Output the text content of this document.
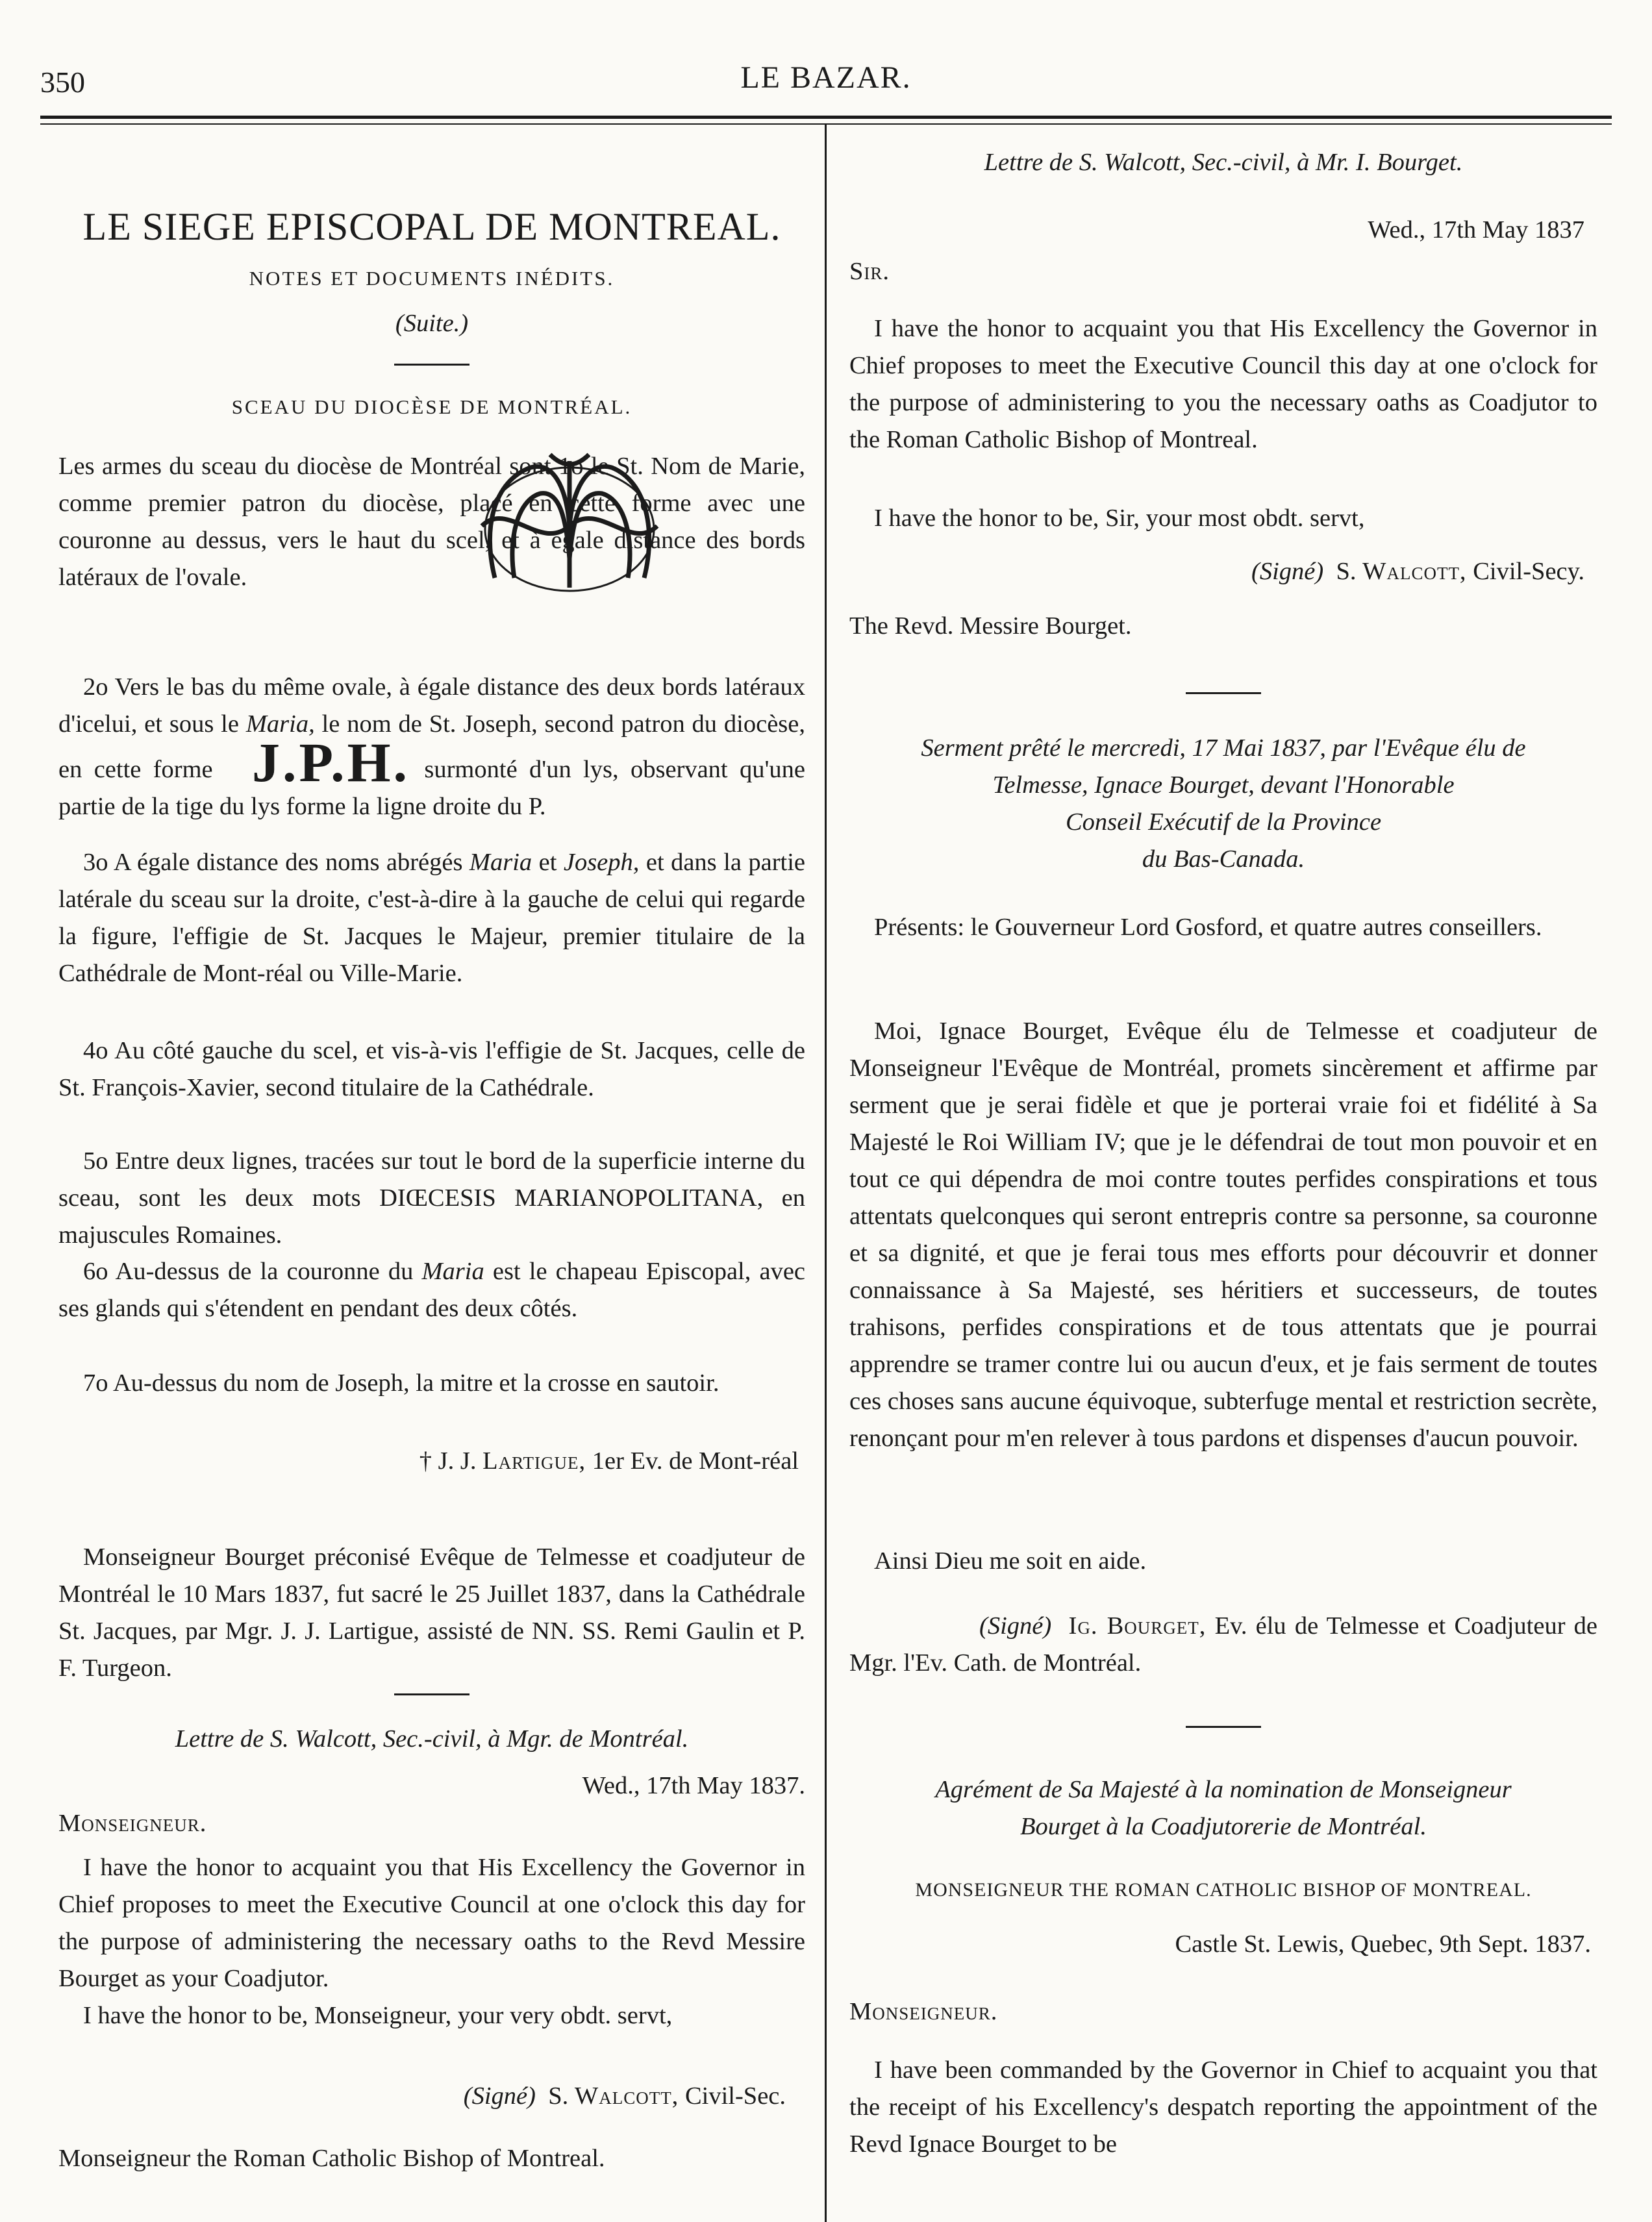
350	LE BAZAR.
LE SIEGE EPISCOPAL DE MONTREAL.
NOTES ET DOCUMENTS INÉDITS.
(Suite.)
SCEAU DU DIOCÈSE DE MONTRÉAL.

Les armes du sceau du diocèse de Montréal sont 1o le St. Nom de Marie, comme premier patron du diocèse, placé en cette forme avec une couronne au dessus, vers le haut du scel, et à égale distance des bords latéraux de l'ovale.

2o Vers le bas du même ovale, à égale distance des deux bords latéraux d'icelui, et sous le Maria, le nom de St. Joseph, second patron du diocèse, en cette forme J.P.H. surmonté d'un lys, observant qu'une partie de la tige du lys forme la ligne droite du P.

3o A égale distance des noms abrégés Maria et Joseph, et dans la partie latérale du sceau sur la droite, c'est-à-dire à la gauche de celui qui regarde la figure, l'effigie de St. Jacques le Majeur, premier titulaire de la Cathédrale de Mont-réal ou Ville-Marie.

4o Au côté gauche du scel, et vis-à-vis l'effigie de St. Jacques, celle de St. François-Xavier, second titulaire de la Cathédrale.

5o Entre deux lignes, tracées sur tout le bord de la superficie interne du sceau, sont les deux mots DIŒCESIS MARIANOPOLITANA, en majuscules Romaines.

6o Au-dessus de la couronne du Maria est le chapeau Episcopal, avec ses glands qui s'étendent en pendant des deux côtés.

7o Au-dessus du nom de Joseph, la mitre et la crosse en sautoir.

† J. J. Lartigue, 1er Ev. de Mont-réal

Monseigneur Bourget préconisé Evêque de Telmesse et coadjuteur de Montréal le 10 Mars 1837, fut sacré le 25 Juillet 1837, dans la Cathédrale St. Jacques, par Mgr. J. J. Lartigue, assisté de NN. SS. Remi Gaulin et P. F. Turgeon.

Lettre de S. Walcott, Sec.-civil, à Mgr. de Montréal.
Wed., 17th May 1837.
Monseigneur.

I have the honor to acquaint you that His Excellency the Governor in Chief proposes to meet the Executive Council at one o'clock this day for the purpose of administering the necessary oaths to the Revd Messire Bourget as your Coadjutor.

I have the honor to be, Monseigneur, your very obdt. servt,

(Signé) S. Walcott, Civil-Sec.
Monseigneur the Roman Catholic Bishop of Montreal.
Lettre de S. Walcott, Sec.-civil, à Mr. I. Bourget.
Wed., 17th May 1837
Sir.

I have the honor to acquaint you that His Excellency the Governor in Chief proposes to meet the Executive Council this day at one o'clock for the purpose of administering to you the necessary oaths as Coadjutor to the Roman Catholic Bishop of Montreal.

I have the honor to be, Sir, your most obdt. servt,

(Signé) S. Walcott, Civil-Secy.
The Revd. Messire Bourget.
Serment prêté le mercredi, 17 Mai 1837, par l'Evêque élu de
Telmesse, Ignace Bourget, devant l'Honorable
Conseil Exécutif de la Province
du Bas-Canada.

Présents: le Gouverneur Lord Gosford, et quatre autres conseillers.

Moi, Ignace Bourget, Evêque élu de Telmesse et coadjuteur de Monseigneur l'Evêque de Montréal, promets sincèrement et affirme par serment que je serai fidèle et que je porterai vraie foi et fidélité à Sa Majesté le Roi William IV; que je le défendrai de tout mon pouvoir et en tout ce qui dépendra de moi contre toutes perfides conspirations et tous attentats quelconques qui seront entrepris contre sa personne, sa couronne et sa dignité, et que je ferai tous mes efforts pour découvrir et donner connaissance à Sa Majesté, ses héritiers et successeurs, de toutes trahisons, perfides conspirations et de tous attentats que je pourrai apprendre se tramer contre lui ou aucun d'eux, et je fais serment de toutes ces choses sans aucune équivoque, subterfuge mental et restriction secrète, renonçant pour m'en relever à tous pardons et dispenses d'aucun pouvoir.

Ainsi Dieu me soit en aide.

(Signé) Ig. Bourget, Ev. élu de Telmesse et Coadjuteur de Mgr. l'Ev. Cath. de Montréal.

Agrément de Sa Majesté à la nomination de Monseigneur
Bourget à la Coadjutorerie de Montréal.
MONSEIGNEUR THE ROMAN CATHOLIC BISHOP OF MONTREAL.
Castle St. Lewis, Quebec, 9th Sept. 1837.
Monseigneur.

I have been commanded by the Governor in Chief to acquaint you that the receipt of his Excellency's despatch reporting the appointment of the Revd Ignace Bourget to be
